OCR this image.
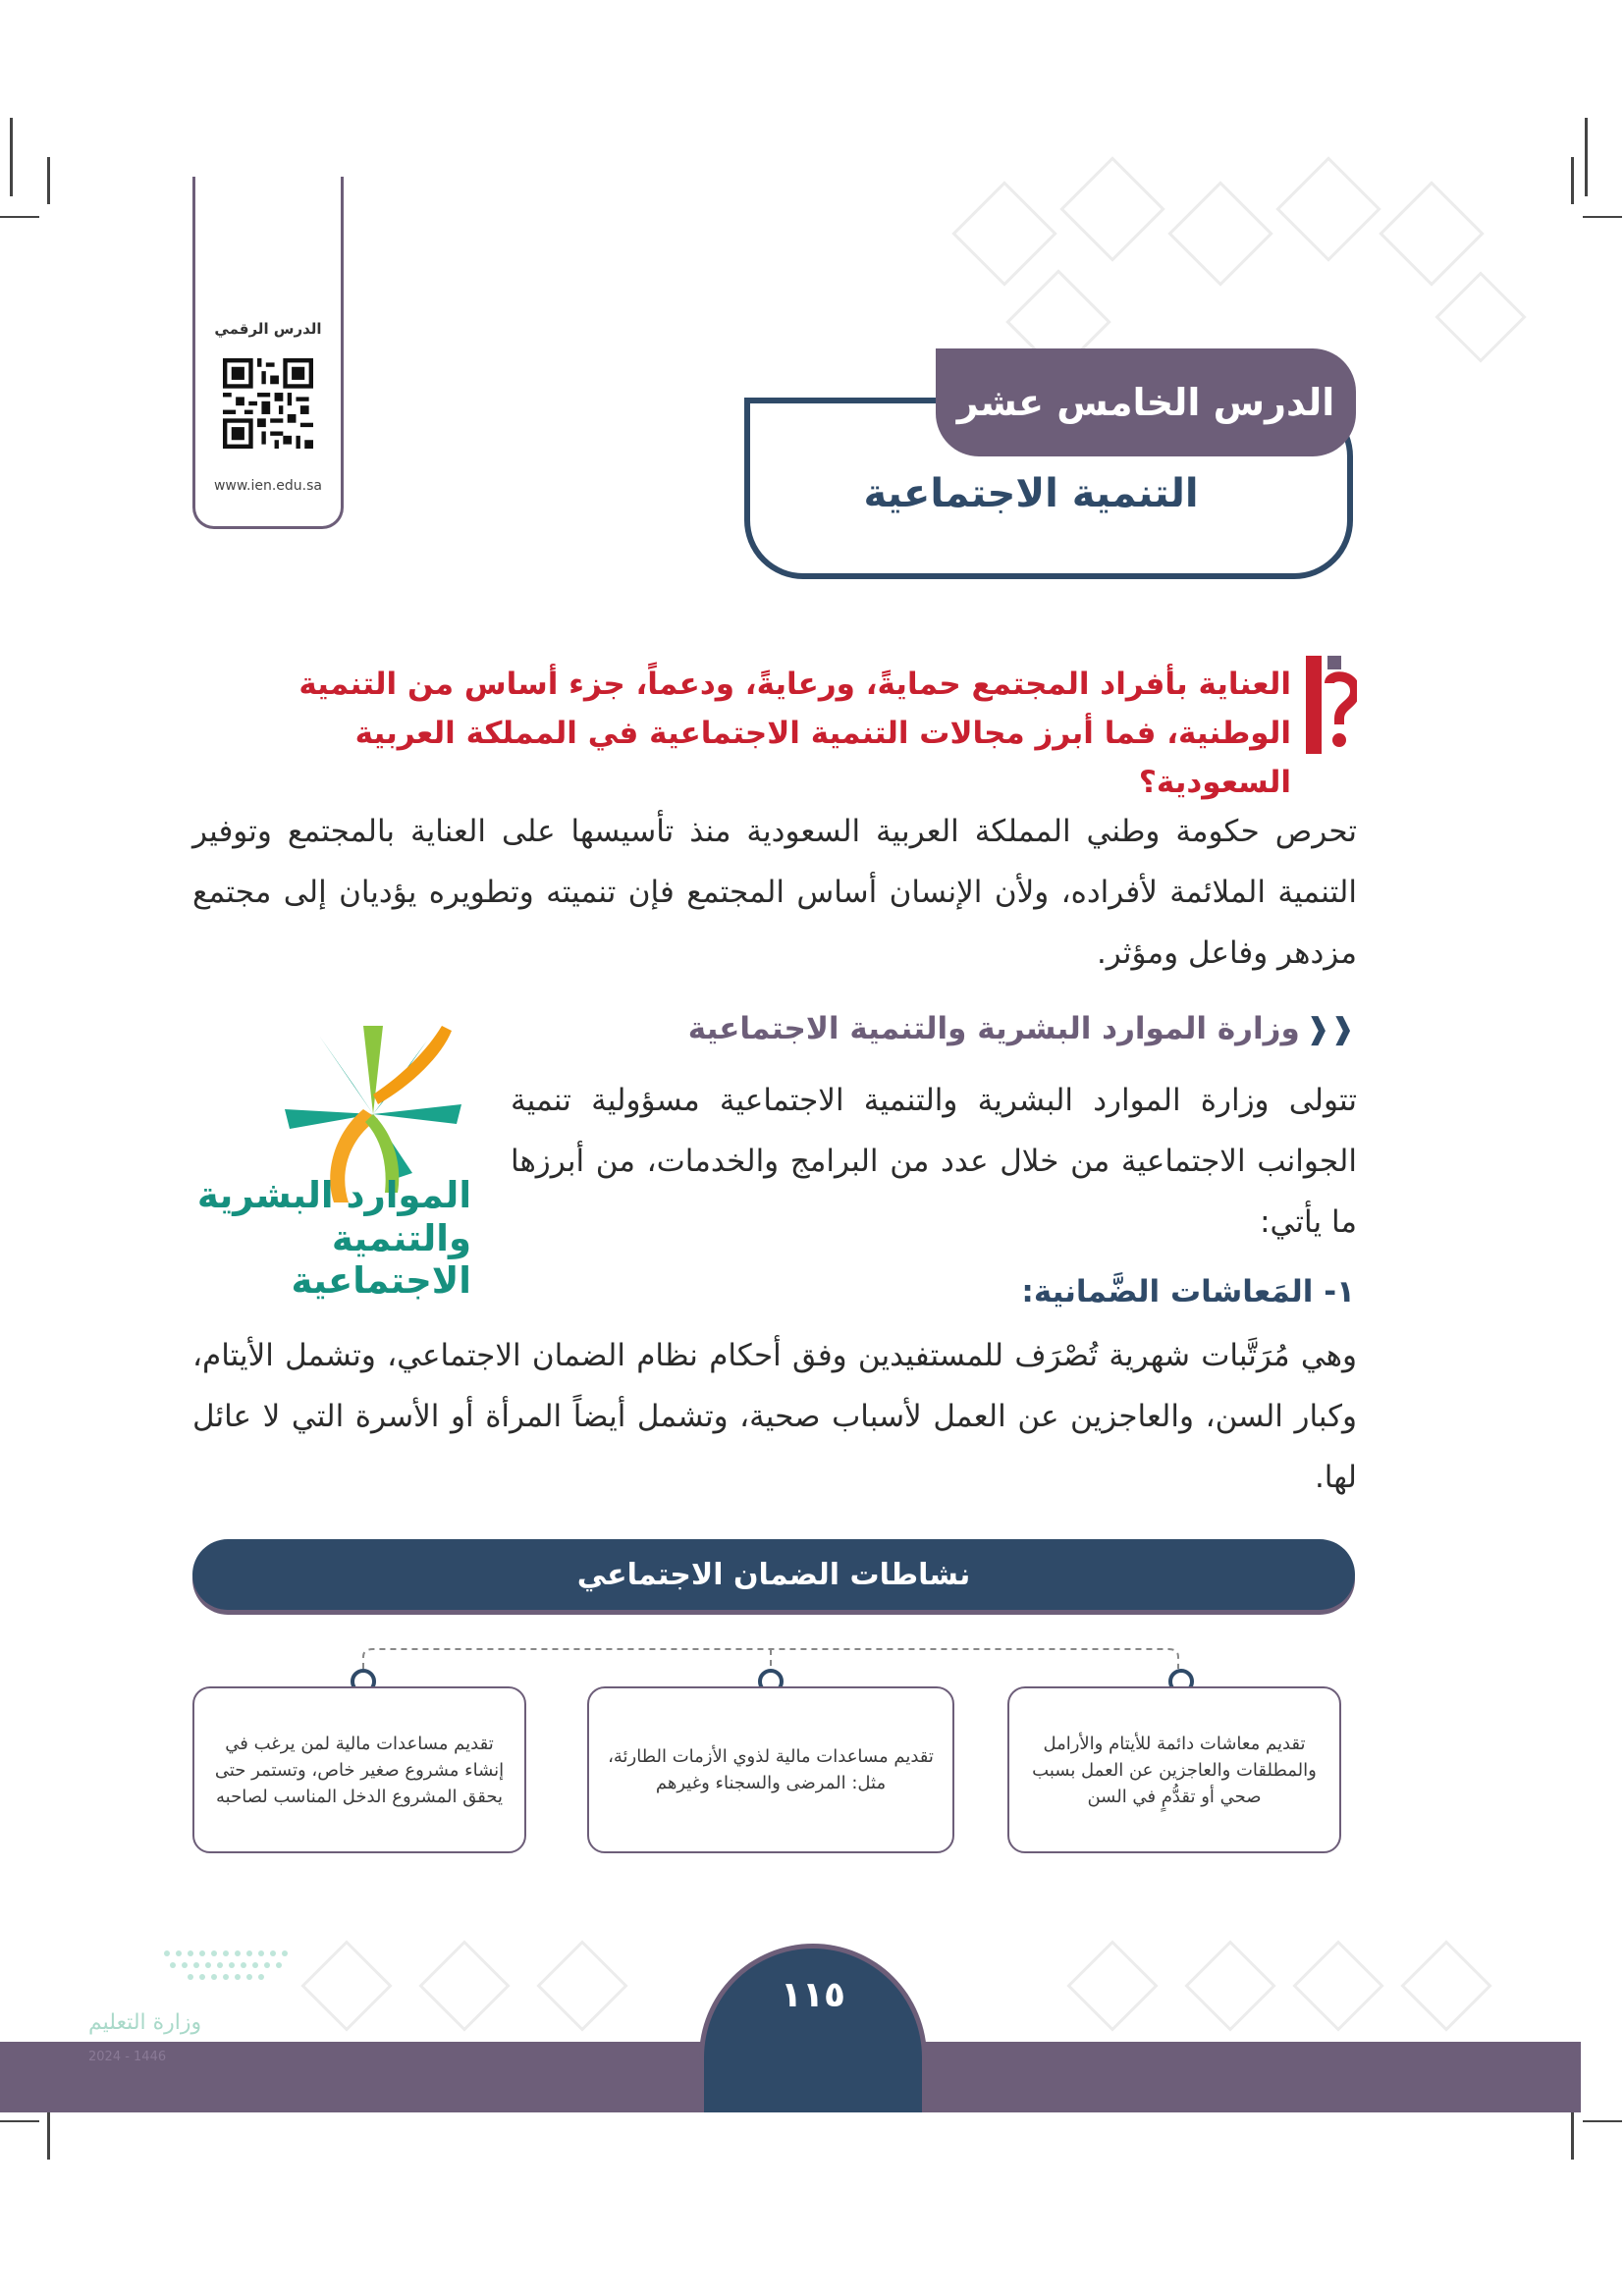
الدرس الرقمي
www.ien.edu.sa
الدرس الخامس عشر
التنمية الاجتماعية
العناية بأفراد المجتمع حمايةً، ورعايةً، ودعماً، جزء أساس من التنمية الوطنية، فما أبرز مجالات التنمية الاجتماعية في المملكة العربية السعودية؟
تحرص حكومة وطني المملكة العربية السعودية منذ تأسيسها على العناية بالمجتمع وتوفير التنمية الملائمة لأفراده، ولأن الإنسان أساس المجتمع فإن تنميته وتطويره يؤديان إلى مجتمع مزدهر وفاعل ومؤثر.
❰❰وزارة الموارد البشرية والتنمية الاجتماعية
الموارد البشرية
والتنمية الاجتماعية
تتولى وزارة الموارد البشرية والتنمية الاجتماعية مسؤولية تنمية الجوانب الاجتماعية من خلال عدد من البرامج والخدمات، من أبرزها ما يأتي:
١- المَعاشات الضَّمانية:
وهي مُرَتَّبات شهرية تُصْرَف للمستفيدين وفق أحكام نظام الضمان الاجتماعي، وتشمل الأيتام، وكبار السن، والعاجزين عن العمل لأسباب صحية، وتشمل أيضاً المرأة أو الأسرة التي لا عائل لها.
نشاطات الضمان الاجتماعي
تقديم معاشات دائمة للأيتام والأرامل والمطلقات والعاجزين عن العمل بسبب صحي أو تقدُّمٍ في السن
تقديم مساعدات مالية لذوي الأزمات الطارئة، مثل: المرضى والسجناء وغيرهم
تقديم مساعدات مالية لمن يرغب في إنشاء مشروع صغير خاص، وتستمر حتى يحقق المشروع الدخل المناسب لصاحبه
١١٥
وزارة التعليم
2024 - 1446
